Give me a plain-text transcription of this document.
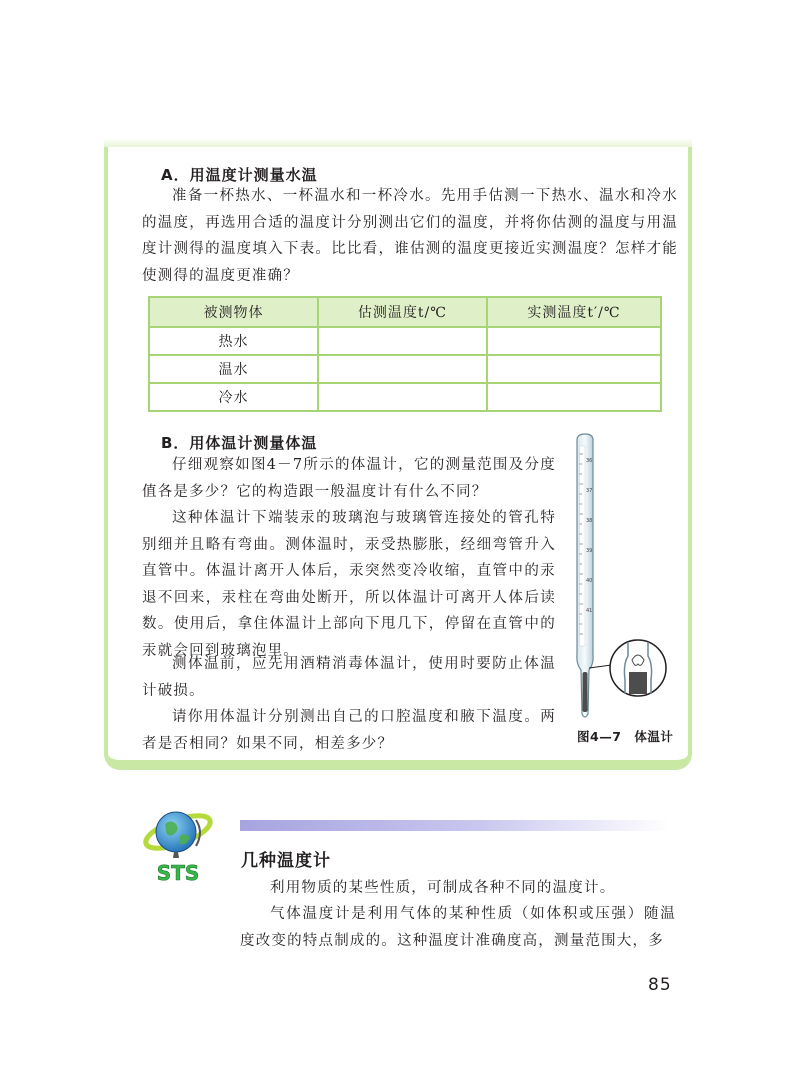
A．用温度计测量水温

准备一杯热水、一杯温水和一杯冷水。先用手估测一下热水、温水和冷水的温度，再选用合适的温度计分别测出它们的温度，并将你估测的温度与用温度计测得的温度填入下表。比比看，谁估测的温度更接近实测温度？怎样才能使测得的温度更准确？

被测物体	估测温度t/℃	实测温度t′/℃
热水		
温水		
冷水		
B．用体温计测量体温

仔细观察如图4－7所示的体温计，它的测量范围及分度值各是多少？它的构造跟一般温度计有什么不同？

这种体温计下端装汞的玻璃泡与玻璃管连接处的管孔特别细并且略有弯曲。测体温时，汞受热膨胀，经细弯管升入直管中。体温计离开人体后，汞突然变冷收缩，直管中的汞退不回来，汞柱在弯曲处断开，所以体温计可离开人体后读数。使用后，拿住体温计上部向下甩几下，停留在直管中的汞就会回到玻璃泡里。

测体温前，应先用酒精消毒体温计，使用时要防止体温计破损。

请你用体温计分别测出自己的口腔温度和腋下温度。两者是否相同？如果不同，相差多少？

36
37
38
39
40
41
图4—7　体温计
STS 几种温度计

利用物质的某些性质，可制成各种不同的温度计。

气体温度计是利用气体的某种性质（如体积或压强）随温度改变的特点制成的。这种温度计准确度高，测量范围大，多

85
